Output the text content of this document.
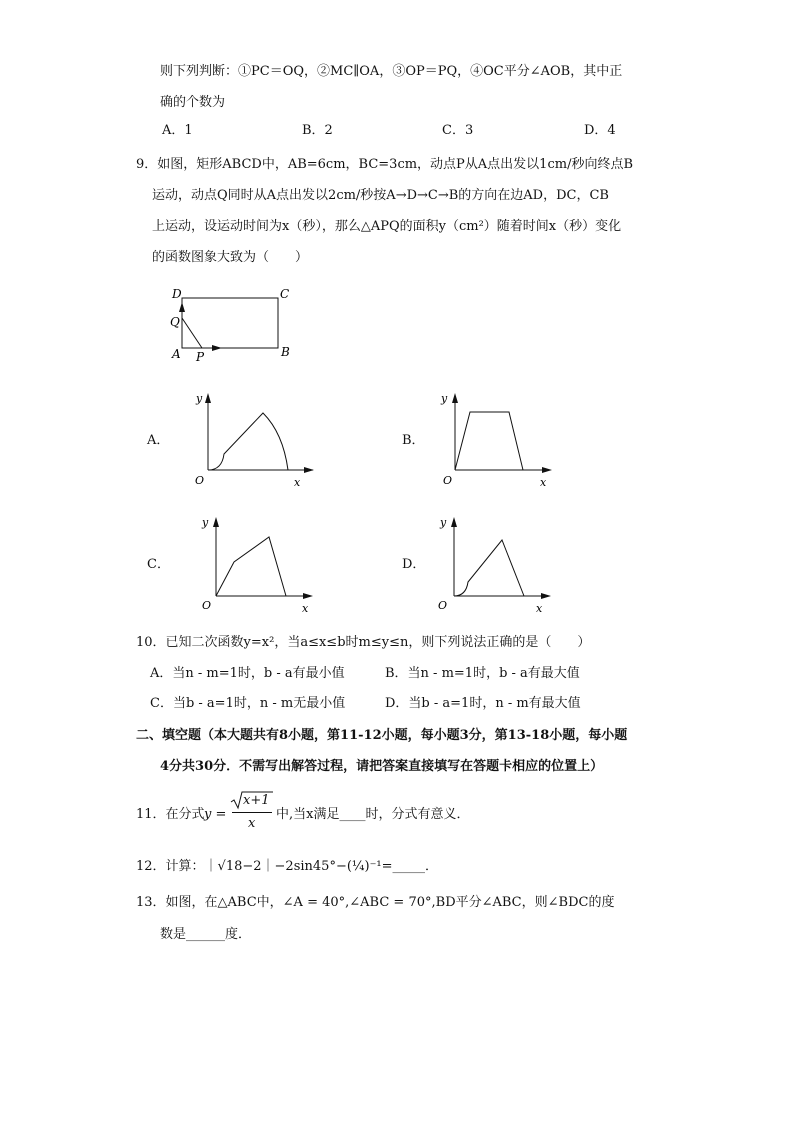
则下列判断：①PC＝OQ，②MC∥OA，③OP＝PQ，④OC平分∠AOB，其中正
确的个数为
A．1	B．2	C．3	D．4
9．如图，矩形ABCD中，AB=6cm，BC=3cm，动点P从A点出发以1cm/秒向终点B
运动，动点Q同时从A点出发以2cm/秒按A→D→C→B的方向在边AD，DC，CB
上运动，设运动时间为x（秒），那么△APQ的面积y（cm²）随着时间x（秒）变化
的函数图象大致为（　　）
D	C
Q
A P	B
A．
y
x
O
B．
y
x
O
C．
y
x
O
D．
y
x
O
10．已知二次函数y=x²，当a≤x≤b时m≤y≤n，则下列说法正确的是（　　）
A．当n - m=1时，b - a有最小值	B．当n - m=1时，b - a有最大值
C．当b - a=1时，n - m无最小值	D．当b - a=1时，n - m有最大值
二、填空题（本大题共有8小题，第11-12小题，每小题3分，第13-18小题，每小题
4分共30分．不需写出解答过程，请把答案直接填写在答题卡相应的位置上）
11．在分式 y =
x+1
x
中,当x满足____时，分式有意义．
12．计算：｜√18−2｜−2sin45°−(¼)⁻¹=_____．
13．如图，在△ABC中，∠A = 40°,∠ABC = 70°,BD平分∠ABC，则∠BDC的度
数是______度．
